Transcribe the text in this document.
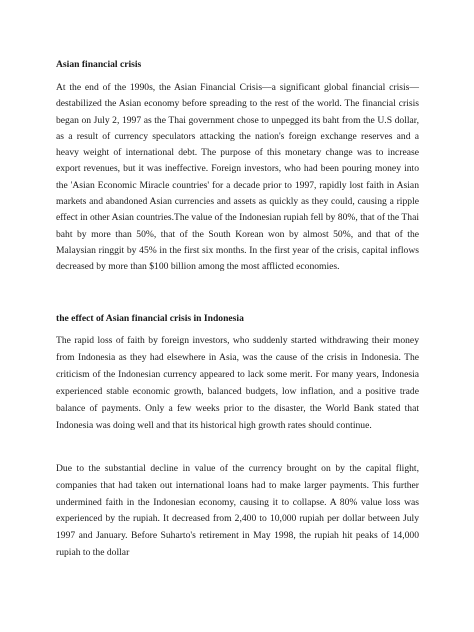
Asian financial crisis
At the end of the 1990s, the Asian Financial Crisis—a significant global financial crisis—destabilized the Asian economy before spreading to the rest of the world. The financial crisis began on July 2, 1997 as the Thai government chose to unpegged its baht from the U.S dollar, as a result of currency speculators attacking the nation's foreign exchange reserves and a heavy weight of international debt. The purpose of this monetary change was to increase export revenues, but it was ineffective. Foreign investors, who had been pouring money into the 'Asian Economic Miracle countries' for a decade prior to 1997, rapidly lost faith in Asian markets and abandoned Asian currencies and assets as quickly as they could, causing a ripple effect in other Asian countries.The value of the Indonesian rupiah fell by 80%, that of the Thai baht by more than 50%, that of the South Korean won by almost 50%, and that of the Malaysian ringgit by 45% in the first six months. In the first year of the crisis, capital inflows decreased by more than $100 billion among the most afflicted economies.
the effect of Asian financial crisis in Indonesia
The rapid loss of faith by foreign investors, who suddenly started withdrawing their money from Indonesia as they had elsewhere in Asia, was the cause of the crisis in Indonesia. The criticism of the Indonesian currency appeared to lack some merit. For many years, Indonesia experienced stable economic growth, balanced budgets, low inflation, and a positive trade balance of payments. Only a few weeks prior to the disaster, the World Bank stated that Indonesia was doing well and that its historical high growth rates should continue.
Due to the substantial decline in value of the currency brought on by the capital flight, companies that had taken out international loans had to make larger payments. This further undermined faith in the Indonesian economy, causing it to collapse. A 80% value loss was experienced by the rupiah. It decreased from 2,400 to 10,000 rupiah per dollar between July 1997 and January. Before Suharto's retirement in May 1998, the rupiah hit peaks of 14,000 rupiah to the dollar
